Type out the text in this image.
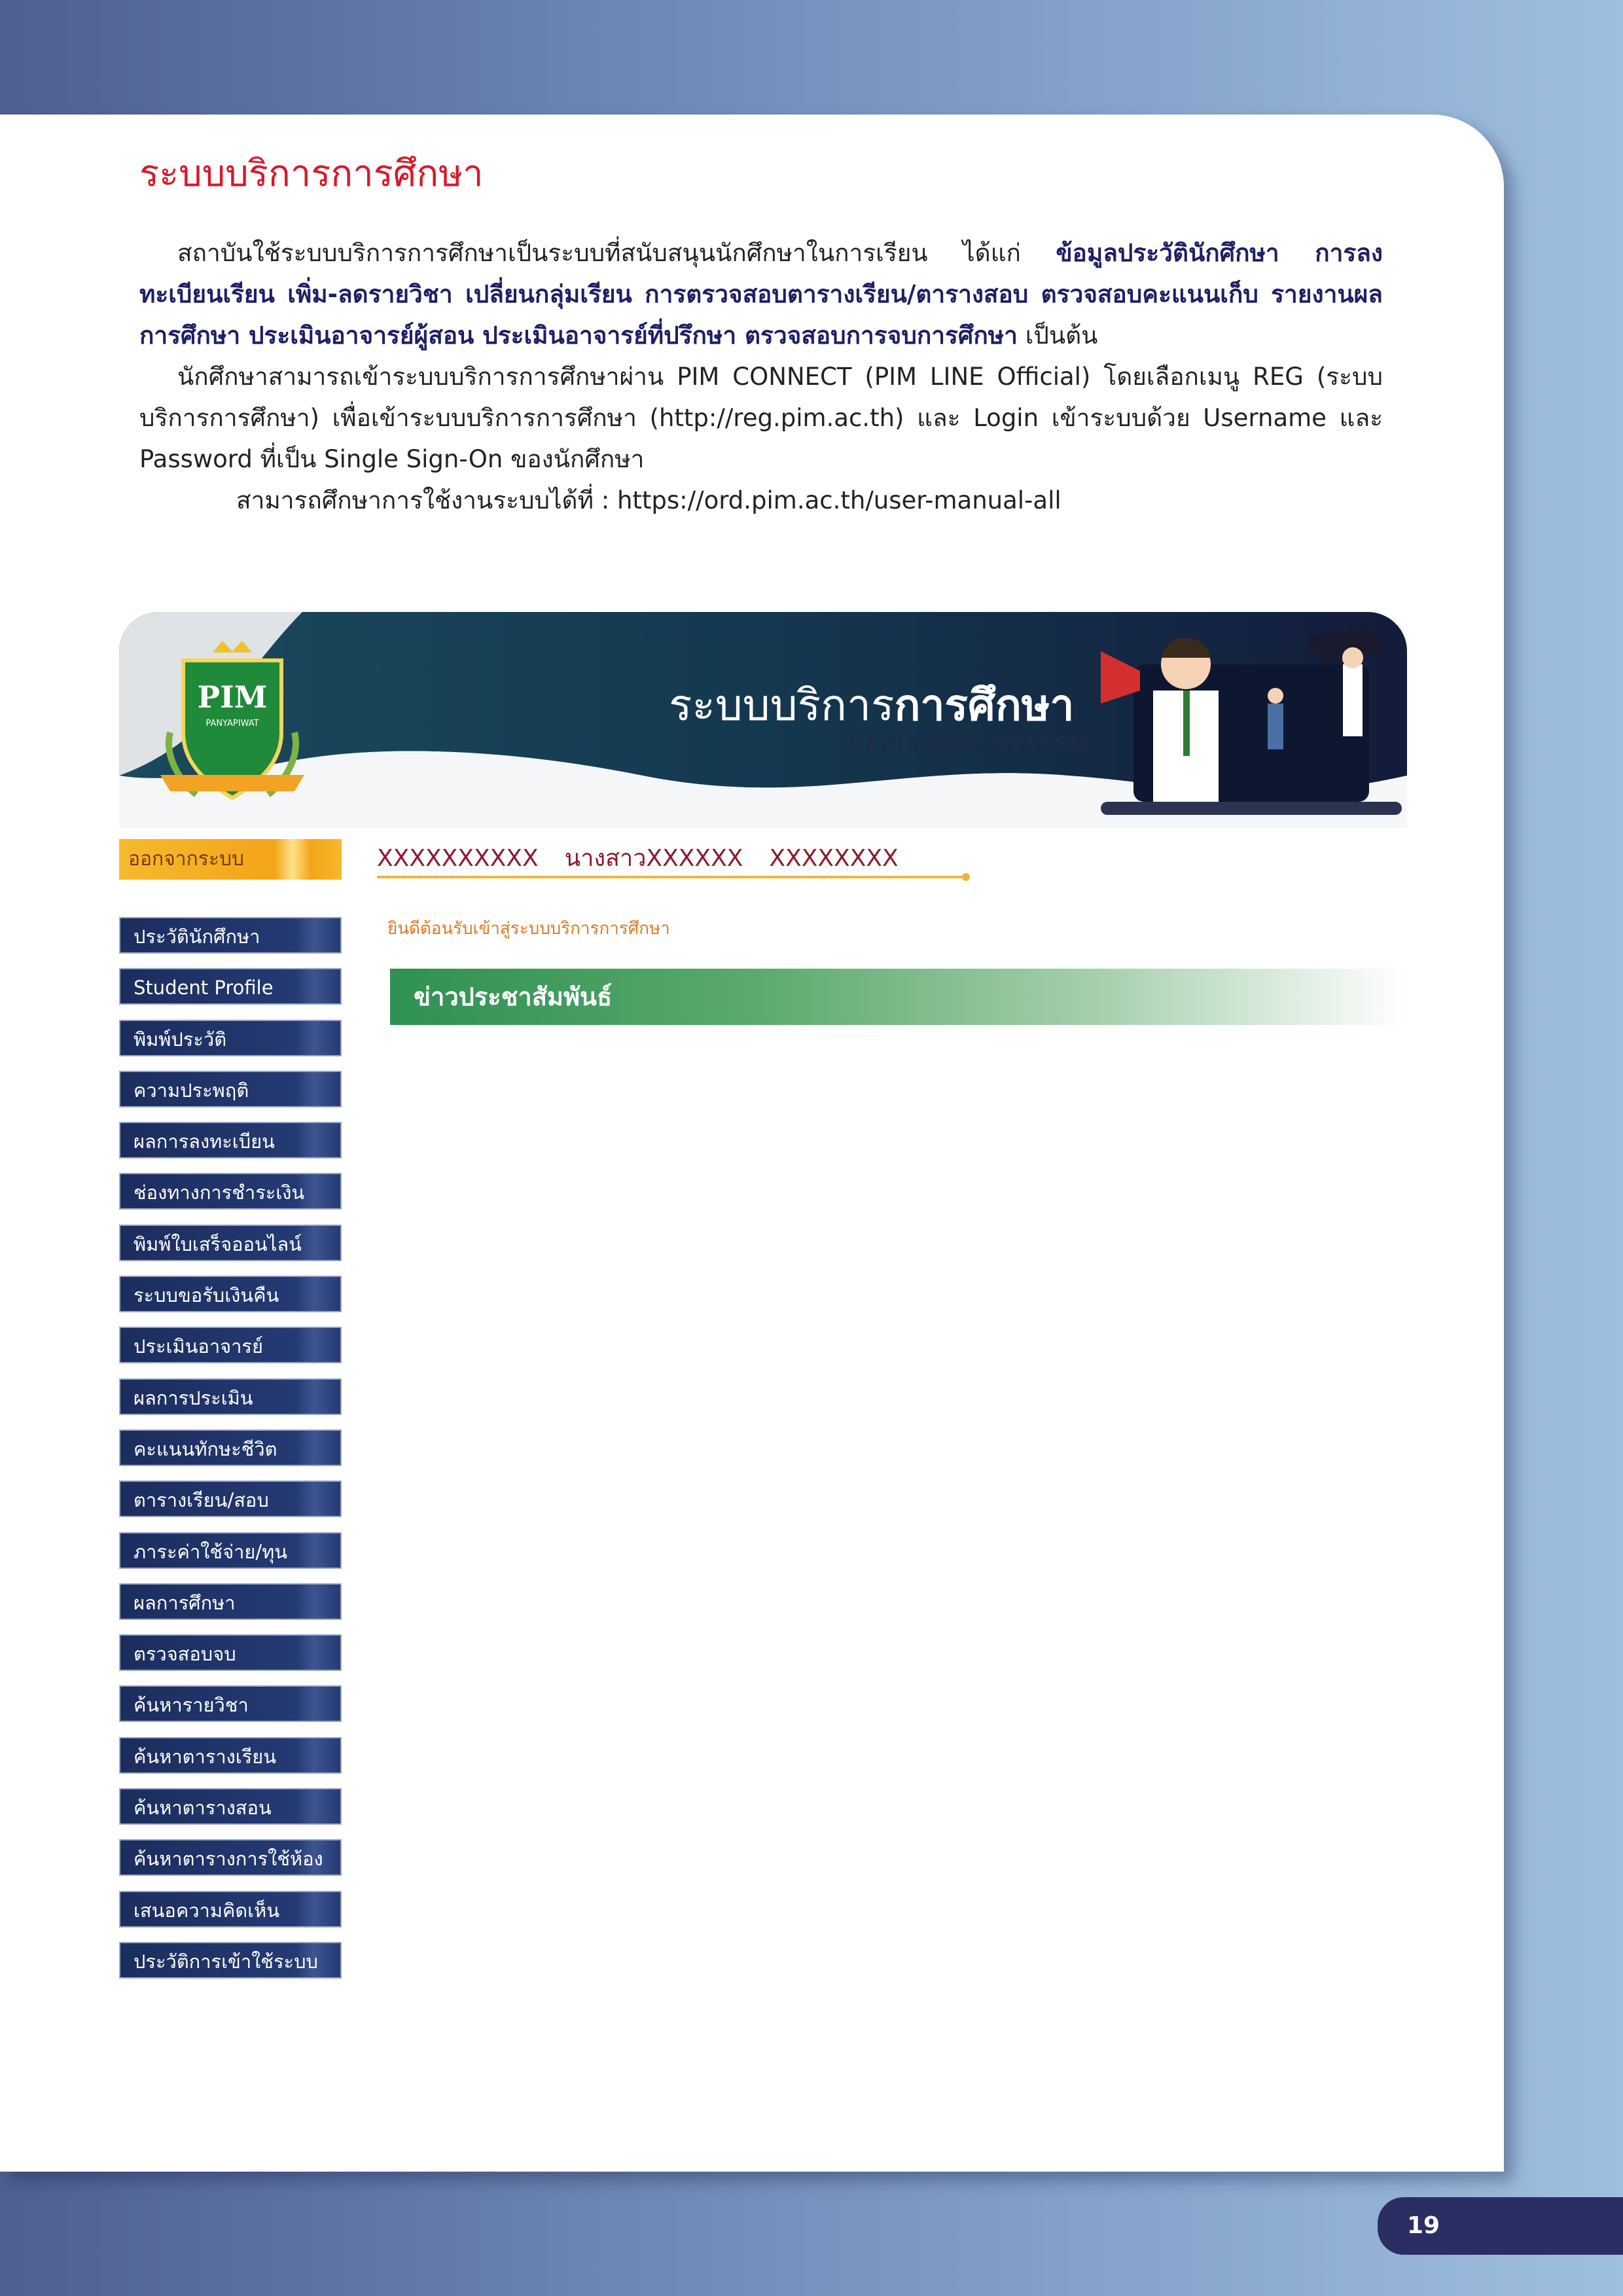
ระบบบริการการศึกษา

สถาบันใช้ระบบบริการการศึกษาเป็นระบบที่สนับสนุนนักศึกษาในการเรียน ได้แก่ ข้อมูลประวัตินักศึกษา การลงทะเบียนเรียน เพิ่ม-ลดรายวิชา เปลี่ยนกลุ่มเรียน การตรวจสอบตารางเรียน/ตารางสอบ ตรวจสอบคะแนนเก็บ รายงานผลการศึกษา ประเมินอาจารย์ผู้สอน ประเมินอาจารย์ที่ปรึกษา ตรวจสอบการจบการศึกษา เป็นต้น

นักศึกษาสามารถเข้าระบบบริการการศึกษาผ่าน PIM CONNECT (PIM LINE Official) โดยเลือกเมนู REG (ระบบบริการการศึกษา) เพื่อเข้าระบบบริการการศึกษา (http://reg.pim.ac.th) และ Login เข้าระบบด้วย Username และ Password ที่เป็น Single Sign-On ของนักศึกษา

สามารถศึกษาการใช้งานระบบได้ที่ : https://ord.pim.ac.th/user-manual-all

PIM
PANYAPIWAT	ระบบบริการการศึกษา
REGISTRAR SYSTEM
ออกจากระบบ	XXXXXXXXXX นางสาวXXXXXX XXXXXXXX
ยินดีต้อนรับเข้าสู่ระบบบริการการศึกษา
ข่าวประชาสัมพันธ์
ประวัตินักศึกษา
Student Profile
พิมพ์ประวัติ
ความประพฤติ
ผลการลงทะเบียน
ช่องทางการชำระเงิน
พิมพ์ใบเสร็จออนไลน์
ระบบขอรับเงินคืน
ประเมินอาจารย์
ผลการประเมิน
คะแนนทักษะชีวิต
ตารางเรียน/สอบ
ภาระค่าใช้จ่าย/ทุน
ผลการศึกษา
ตรวจสอบจบ
ค้นหารายวิชา
ค้นหาตารางเรียน
ค้นหาตารางสอน
ค้นหาตารางการใช้ห้อง
เสนอความคิดเห็น
ประวัติการเข้าใช้ระบบ
19
